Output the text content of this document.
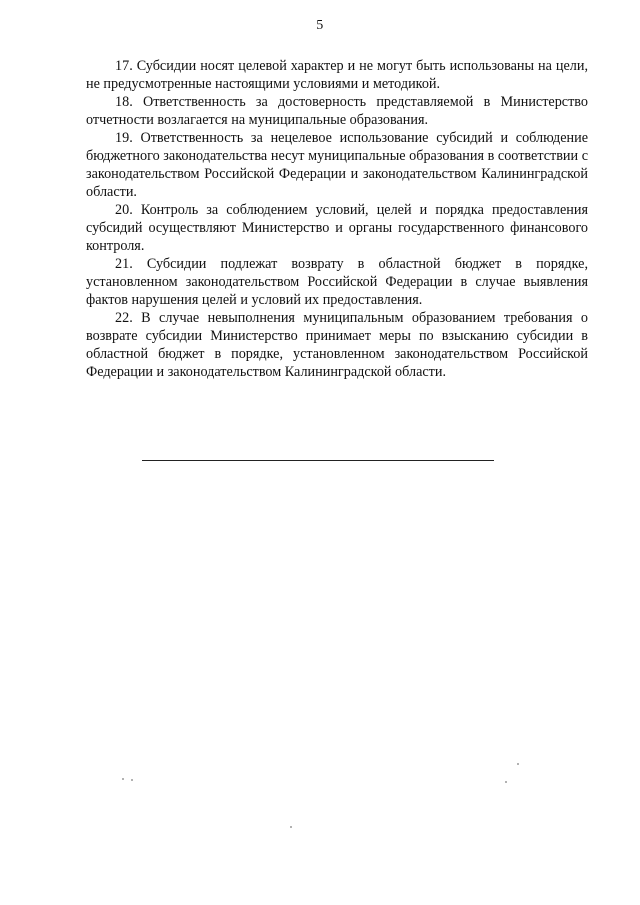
5

17. Субсидии носят целевой характер и не могут быть использованы на цели, не предусмотренные настоящими условиями и методикой.

18. Ответственность за достоверность представляемой в Министерство отчетности возлагается на муниципальные образования.

19. Ответственность за нецелевое использование субсидий и соблюдение бюджетного законодательства несут муниципальные образования в соответствии с законодательством Российской Федерации и законодательством Калининградской области.

20. Контроль за соблюдением условий, целей и порядка предоставления субсидий осуществляют Министерство и органы государственного финансового контроля.

21. Субсидии подлежат возврату в областной бюджет в порядке, установленном законодательством Российской Федерации в случае выявления фактов нарушения целей и условий их предоставления.

22. В случае невыполнения муниципальным образованием требования о возврате субсидии Министерство принимает меры по взысканию субсидии в областной бюджет в порядке, установленном законодательством Российской Федерации и законодательством Калининградской области.
